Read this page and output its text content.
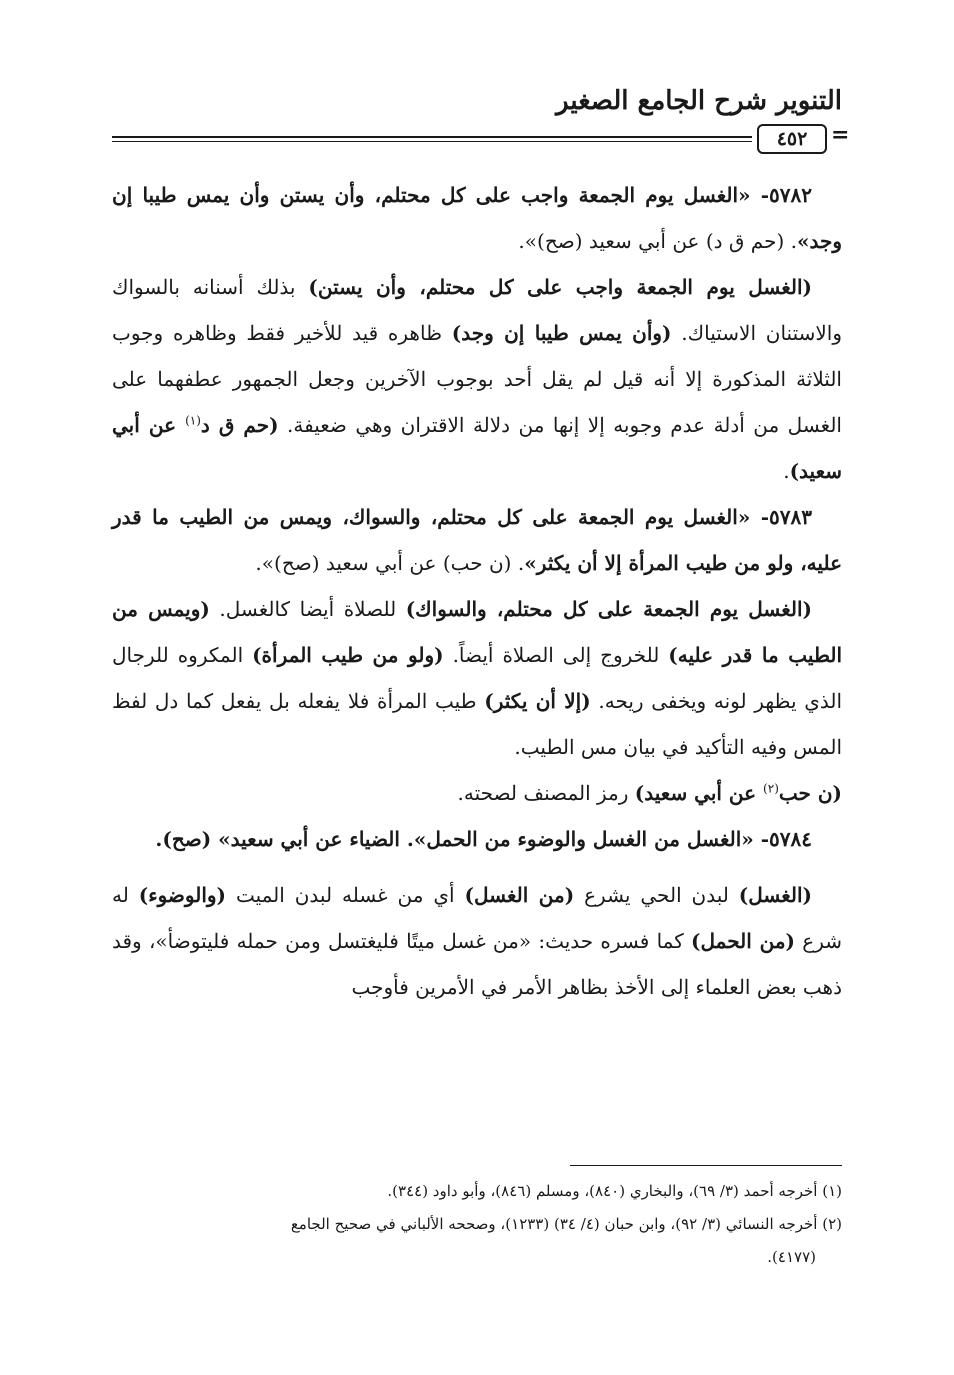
التنوير شرح الجامع الصغير
=
٤٥٢

٥٧٨٢- «الغسل يوم الجمعة واجب على كل محتلم، وأن يستن وأن يمس طيبا إن وجد». (حم ق د) عن أبي سعيد (صح)».

(الغسل يوم الجمعة واجب على كل محتلم، وأن يستن) بذلك أسنانه بالسواك والاستنان الاستياك. (وأن يمس طيبا إن وجد) ظاهره قيد للأخير فقط وظاهره وجوب الثلاثة المذكورة إلا أنه قيل لم يقل أحد بوجوب الآخرين وجعل الجمهور عطفهما على الغسل من أدلة عدم وجوبه إلا إنها من دلالة الاقتران وهي ضعيفة. (حم ق د$^{(١)}$ عن أبي سعيد).

٥٧٨٣- «الغسل يوم الجمعة على كل محتلم، والسواك، ويمس من الطيب ما قدر عليه، ولو من طيب المرأة إلا أن يكثر». (ن حب) عن أبي سعيد (صح)».

(الغسل يوم الجمعة على كل محتلم، والسواك) للصلاة أيضا كالغسل. (ويمس من الطيب ما قدر عليه) للخروج إلى الصلاة أيضاً. (ولو من طيب المرأة) المكروه للرجال الذي يظهر لونه ويخفى ريحه. (إلا أن يكثر) طيب المرأة فلا يفعله بل يفعل كما دل لفظ المس وفيه التأكيد في بيان مس الطيب.

(ن حب$^{(٢)}$ عن أبي سعيد) رمز المصنف لصحته.

٥٧٨٤- «الغسل من الغسل والوضوء من الحمل». الضياء عن أبي سعيد» (صح).

(الغسل) لبدن الحي يشرع (من الغسل) أي من غسله لبدن الميت (والوضوء) له شرع (من الحمل) كما فسره حديث: «من غسل ميتًا فليغتسل ومن حمله فليتوضأ»، وقد ذهب بعض العلماء إلى الأخذ بظاهر الأمر في الأمرين فأوجب

(١) أخرجه أحمد (٣/ ٦٩)، والبخاري (٨٤٠)، ومسلم (٨٤٦)، وأبو داود (٣٤٤).

(٢) أخرجه النسائي (٣/ ٩٢)، وابن حبان (٤/ ٣٤) (١٢٣٣)، وصححه الألباني في صحيح الجامع

(٤١٧٧).
